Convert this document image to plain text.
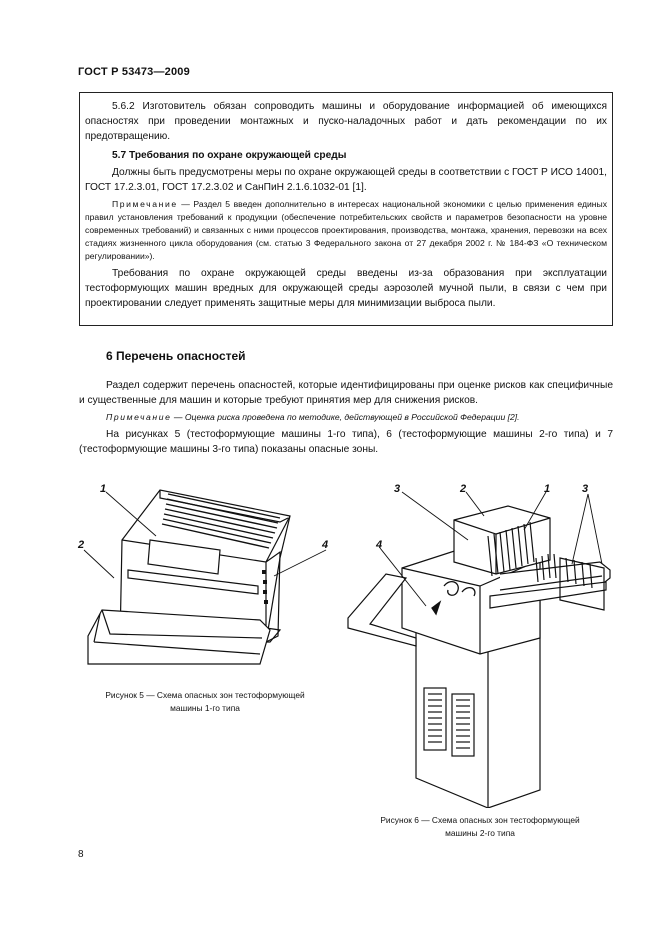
ГОСТ Р 53473—2009
5.6.2 Изготовитель обязан сопроводить машины и оборудование информацией об имеющихся опасностях при проведении монтажных и пуско-наладочных работ и дать рекомендации по их предотвращению.
5.7 Требования по охране окружающей среды
Должны быть предусмотрены меры по охране окружающей среды в соответствии с ГОСТ Р ИСО 14001, ГОСТ 17.2.3.01, ГОСТ 17.2.3.02 и СанПиН 2.1.6.1032-01 [1].
Примечание — Раздел 5 введен дополнительно в интересах национальной экономики с целью применения единых правил установления требований к продукции (обеспечение потребительских свойств и параметров безопасности на уровне современных требований) и связанных с ними процессов проектирования, производства, монтажа, хранения, перевозки на всех стадиях жизненного цикла оборудования (см. статью 3 Федерального закона от 27 декабря 2002 г. № 184-ФЗ «О техническом регулировании»).
Требования по охране окружающей среды введены из-за образования при эксплуатации тестоформующих машин вредных для окружающей среды аэрозолей мучной пыли, в связи с чем при проектировании следует применять защитные меры для минимизации выброса пыли.
6 Перечень опасностей
Раздел содержит перечень опасностей, которые идентифицированы при оценке рисков как специфичные и существенные для машин и которые требуют принятия мер для снижения рисков.
Примечание — Оценка риска проведена по методике, действующей в Российской Федерации [2].
На рисунках 5 (тестоформующие машины 1-го типа), 6 (тестоформующие машины 2-го типа) и 7 (тестоформующие машины 3-го типа) показаны опасные зоны.
1
2	4
Рисунок 5 — Схема опасных зон тестоформующей
машины 1-го типа
3	2	1	3
4
Рисунок 6 — Схема опасных зон тестоформующей
машины 2-го типа
8
